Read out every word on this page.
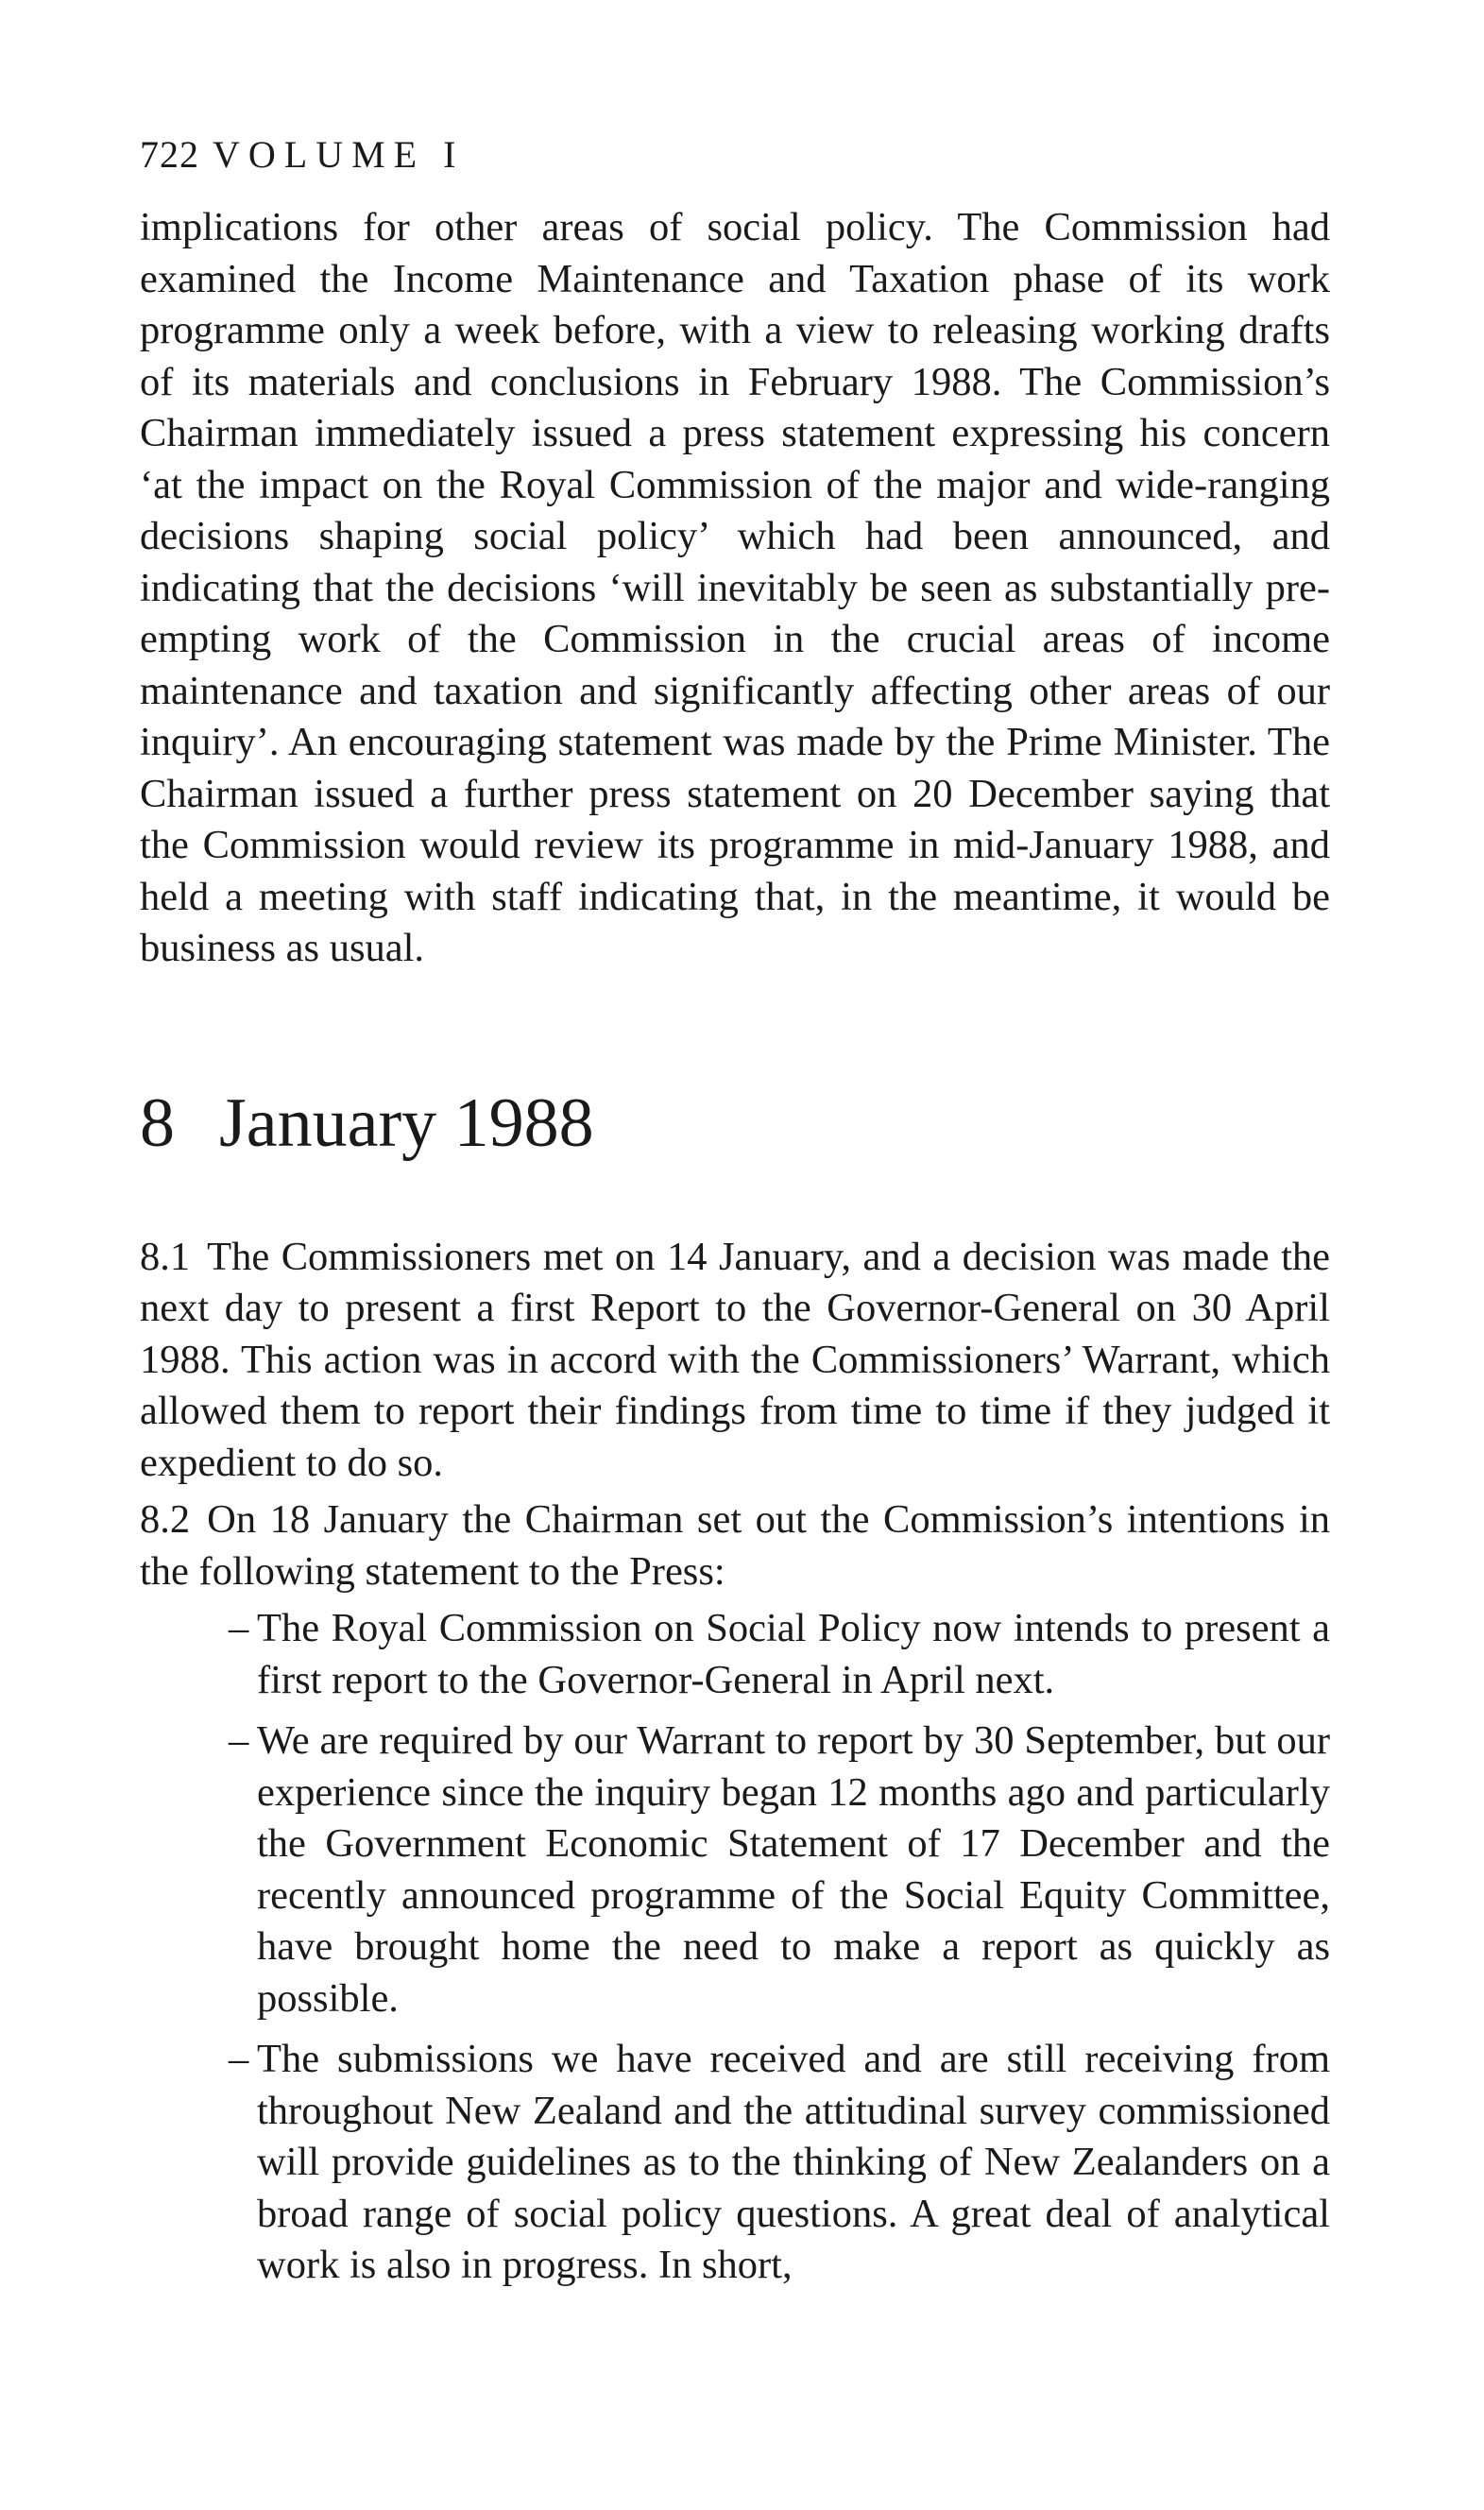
722 VOLUME I

implications for other areas of social policy. The Commission had examined the Income Maintenance and Taxation phase of its work programme only a week before, with a view to releasing working drafts of its materials and conclusions in February 1988. The Commission’s Chairman immediately issued a press statement expressing his concern ‘at the impact on the Royal Commission of the major and wide-ranging decisions shaping social policy’ which had been announced, and indicating that the decisions ‘will inevitably be seen as substantially pre-empting work of the Commission in the crucial areas of income maintenance and taxation and significantly affecting other areas of our inquiry’. An encouraging statement was made by the Prime Minister. The Chairman issued a further press statement on 20 December saying that the Commission would review its programme in mid-January 1988, and held a meeting with staff indicating that, in the meantime, it would be business as usual.

8 January 1988

8.1 The Commissioners met on 14 January, and a decision was made the next day to present a first Report to the Governor-General on 30 April 1988. This action was in accord with the Commissioners’ Warrant, which allowed them to report their findings from time to time if they judged it expedient to do so.

8.2 On 18 January the Chairman set out the Commission’s intentions in the following statement to the Press:

– The Royal Commission on Social Policy now intends to present a first report to the Governor-General in April next.
– We are required by our Warrant to report by 30 September, but our experience since the inquiry began 12 months ago and particularly the Government Economic Statement of 17 December and the recently announced programme of the Social Equity Committee, have brought home the need to make a report as quickly as possible.
– The submissions we have received and are still receiving from throughout New Zealand and the attitudinal survey commissioned will provide guidelines as to the thinking of New Zealanders on a broad range of social policy questions. A great deal of analytical work is also in progress. In short,
